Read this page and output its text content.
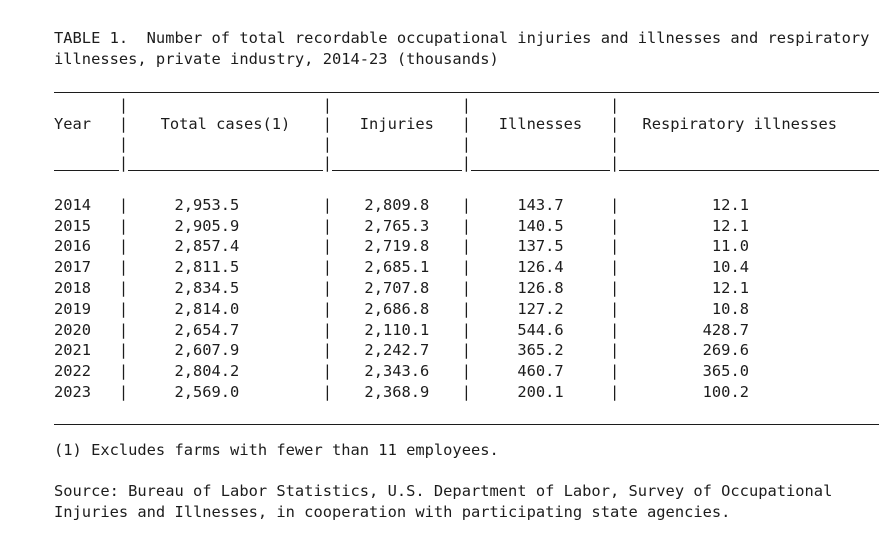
TABLE 1.  Number of total recordable occupational injuries and illnesses and respiratory illnesses, private industry, 2014-23 (thousands)
|
|
|
|
Year |	Total cases(1) |	Injuries |	Illnesses |	Respiratory illnesses
|
|
|
|
|
|
|
|
2014 |	2,953.5 |	2,809.8 |	143.7 |	12.1
2015 |	2,905.9 |	2,765.3 |	140.5 |	12.1
2016 |	2,857.4 |	2,719.8 |	137.5 |	11.0
2017 |	2,811.5 |	2,685.1 |	126.4 |	10.4
2018 |	2,834.5 |	2,707.8 |	126.8 |	12.1
2019 |	2,814.0 |	2,686.8 |	127.2 |	10.8
2020 |	2,654.7 |	2,110.1 |	544.6 |	428.7
2021 |	2,607.9 |	2,242.7 |	365.2 |	269.6
2022 |	2,804.2 |	2,343.6 |	460.7 |	365.0
2023 |	2,569.0 |	2,368.9 |	200.1 |	100.2
(1) Excludes farms with fewer than 11 employees.
Source: Bureau of Labor Statistics, U.S. Department of Labor, Survey of Occupational Injuries and Illnesses, in cooperation with participating state agencies.
